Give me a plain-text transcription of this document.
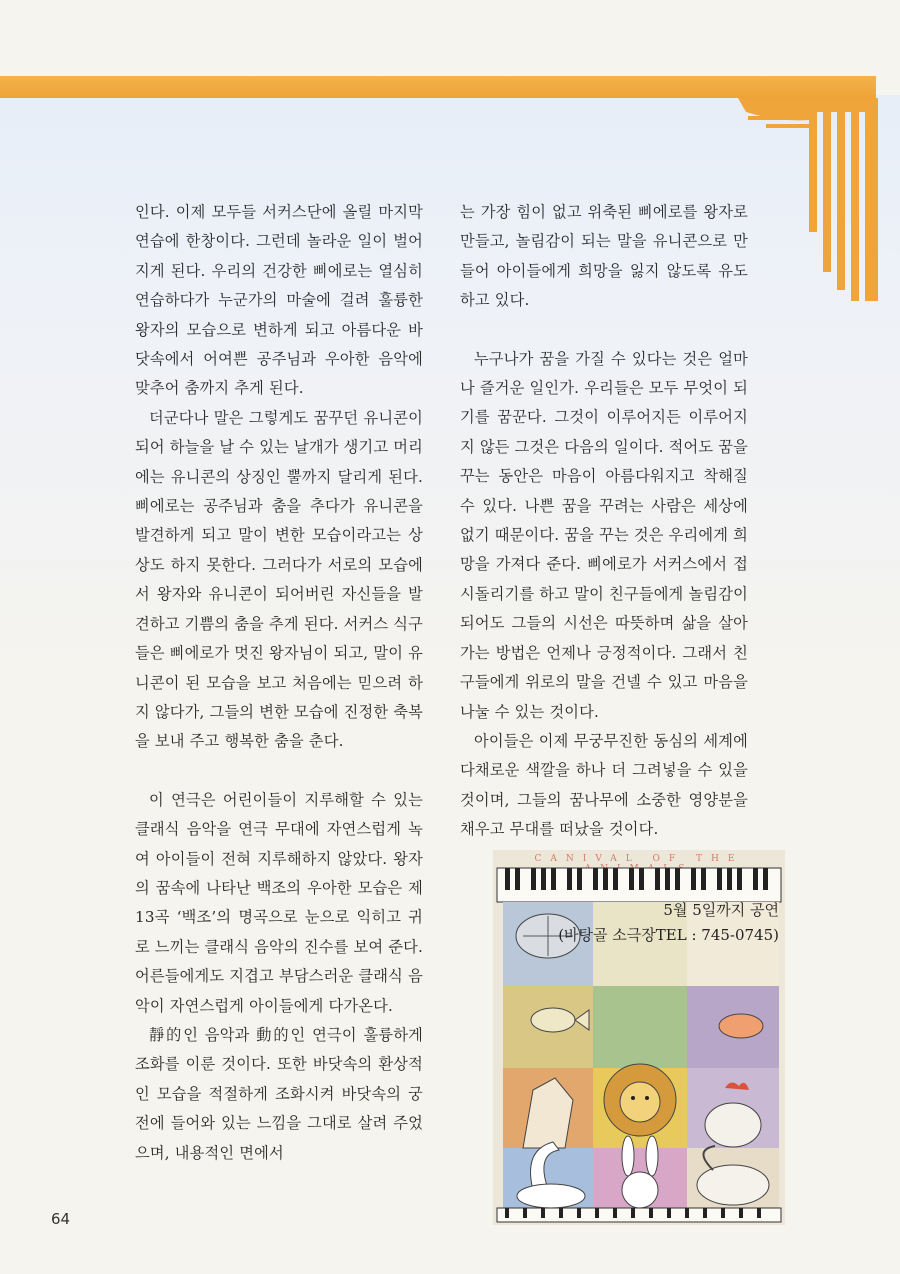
인다. 이제 모두들 서커스단에 올릴 마지막 연습에 한창이다. 그런데 놀라운 일이 벌어지게 된다. 우리의 건강한 삐에로는 열심히 연습하다가 누군가의 마술에 걸려 훌륭한 왕자의 모습으로 변하게 되고 아름다운 바닷속에서 어여쁜 공주님과 우아한 음악에 맞추어 춤까지 추게 된다.

더군다나 말은 그렇게도 꿈꾸던 유니콘이 되어 하늘을 날 수 있는 날개가 생기고 머리에는 유니콘의 상징인 뿔까지 달리게 된다. 삐에로는 공주님과 춤을 추다가 유니콘을 발견하게 되고 말이 변한 모습이라고는 상상도 하지 못한다. 그러다가 서로의 모습에서 왕자와 유니콘이 되어버린 자신들을 발견하고 기쁨의 춤을 추게 된다. 서커스 식구들은 삐에로가 멋진 왕자님이 되고, 말이 유니콘이 된 모습을 보고 처음에는 믿으려 하지 않다가, 그들의 변한 모습에 진정한 축복을 보내 주고 행복한 춤을 춘다.

이 연극은 어린이들이 지루해할 수 있는 클래식 음악을 연극 무대에 자연스럽게 녹여 아이들이 전혀 지루해하지 않았다. 왕자의 꿈속에 나타난 백조의 우아한 모습은 제13곡 ‘백조’의 명곡으로 눈으로 익히고 귀로 느끼는 클래식 음악의 진수를 보여 준다. 어른들에게도 지겹고 부담스러운 클래식 음악이 자연스럽게 아이들에게 다가온다.

靜的인 음악과 動的인 연극이 훌륭하게 조화를 이룬 것이다. 또한 바닷속의 환상적인 모습을 적절하게 조화시켜 바닷속의 궁전에 들어와 있는 느낌을 그대로 살려 주었으며, 내용적인 면에서

는 가장 힘이 없고 위축된 삐에로를 왕자로 만들고, 놀림감이 되는 말을 유니콘으로 만들어 아이들에게 희망을 잃지 않도록 유도하고 있다.

누구나가 꿈을 가질 수 있다는 것은 얼마나 즐거운 일인가. 우리들은 모두 무엇이 되기를 꿈꾼다. 그것이 이루어지든 이루어지지 않든 그것은 다음의 일이다. 적어도 꿈을 꾸는 동안은 마음이 아름다워지고 착해질 수 있다. 나쁜 꿈을 꾸려는 사람은 세상에 없기 때문이다. 꿈을 꾸는 것은 우리에게 희망을 가져다 준다. 삐에로가 서커스에서 접시돌리기를 하고 말이 친구들에게 놀림감이 되어도 그들의 시선은 따뜻하며 삶을 살아가는 방법은 언제나 긍정적이다. 그래서 친구들에게 위로의 말을 건넬 수 있고 마음을 나눌 수 있는 것이다.

아이들은 이제 무궁무진한 동심의 세계에 다채로운 색깔을 하나 더 그려넣을 수 있을 것이며, 그들의 꿈나무에 소중한 영양분을 채우고 무대를 떠났을 것이다.

CANIVAL OF THE
5월 5일까지 공연
(바탕골 소극장TEL : 745-0745)
64
